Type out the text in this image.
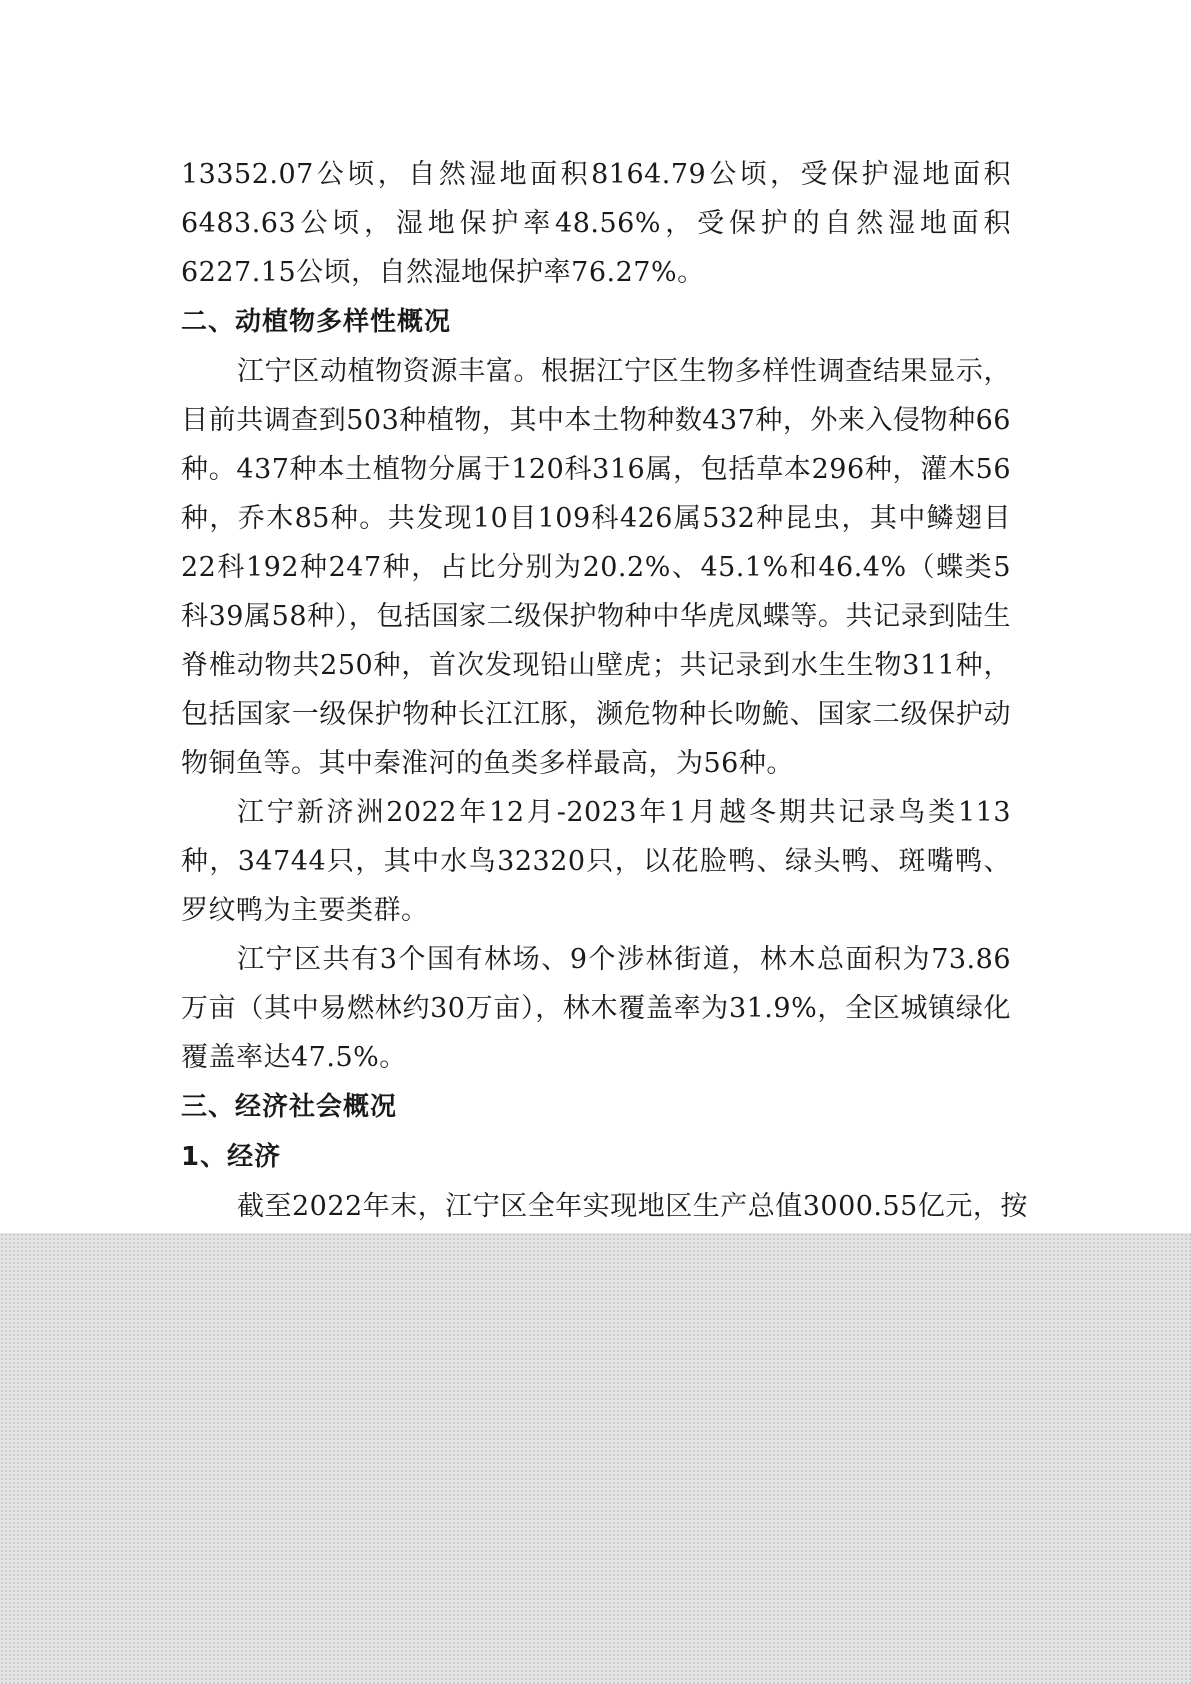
13352.07公顷，自然湿地面积8164.79公顷，受保护湿地面积6483.63公顷，湿地保护率48.56%，受保护的自然湿地面积6227.15公顷，自然湿地保护率76.27%。

二、动植物多样性概况

江宁区动植物资源丰富。根据江宁区生物多样性调查结果显示，目前共调查到503种植物，其中本土物种数437种，外来入侵物种66种。437种本土植物分属于120科316属，包括草本296种，灌木56种，乔木85种。共发现10目109科426属532种昆虫，其中鳞翅目22科192种247种，占比分别为20.2%、45.1%和46.4%（蝶类5科39属58种），包括国家二级保护物种中华虎凤蝶等。共记录到陆生脊椎动物共250种，首次发现铅山壁虎；共记录到水生生物311种，包括国家一级保护物种长江江豚，濒危物种长吻鮠、国家二级保护动物铜鱼等。其中秦淮河的鱼类多样最高，为56种。

江宁新济洲2022年12月-2023年1月越冬期共记录鸟类113种，34744只，其中水鸟32320只，以花脸鸭、绿头鸭、斑嘴鸭、罗纹鸭为主要类群。

江宁区共有3个国有林场、9个涉林街道，林木总面积为73.86万亩（其中易燃林约30万亩），林木覆盖率为31.9%，全区城镇绿化覆盖率达47.5%。

三、经济社会概况
1、经济

截至2022年末，江宁区全年实现地区生产总值3000.55亿元，按
